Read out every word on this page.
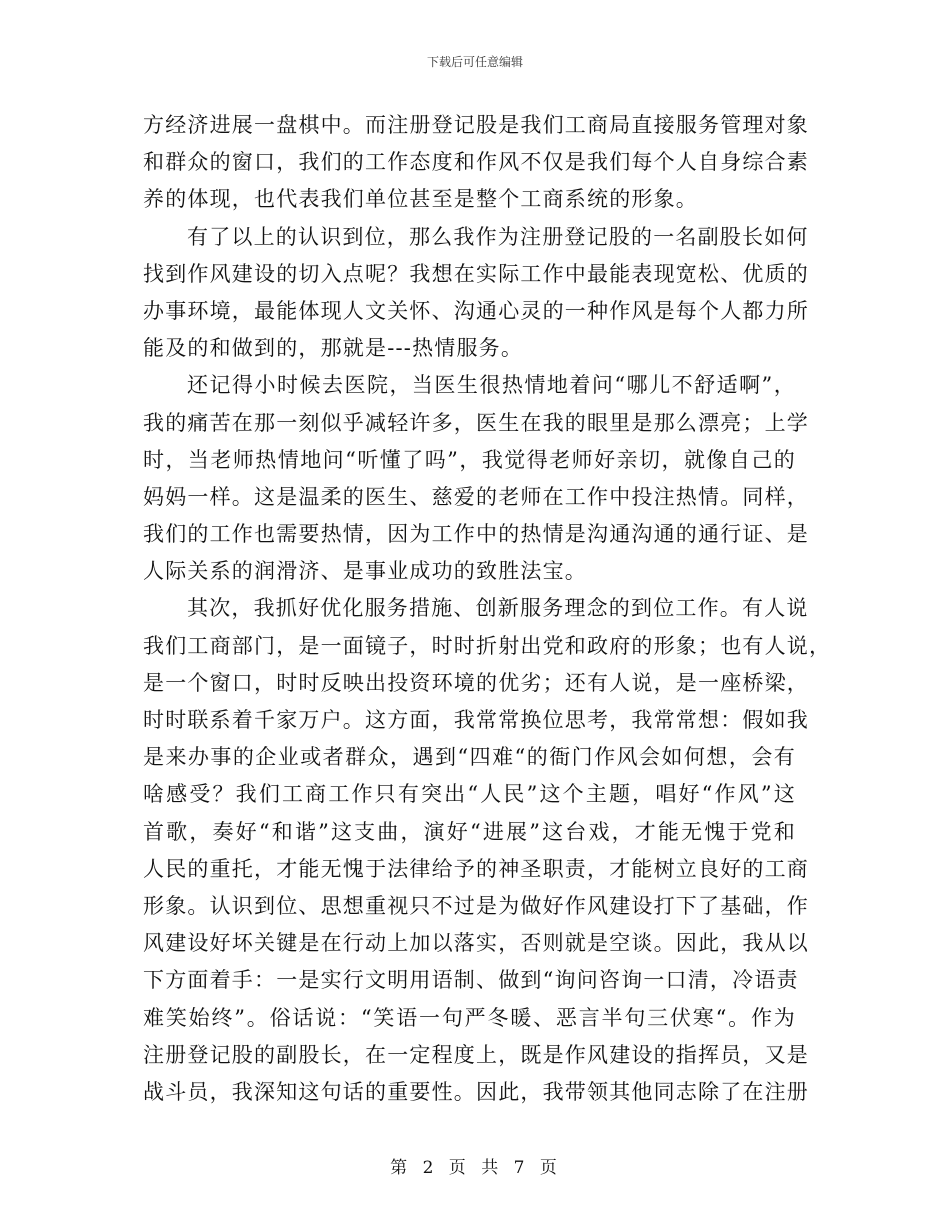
下载后可任意编辑
方经济进展一盘棋中。而注册登记股是我们工商局直接服务管理对象
和群众的窗口，我们的工作态度和作风不仅是我们每个人自身综合素
养的体现，也代表我们单位甚至是整个工商系统的形象。
有了以上的认识到位，那么我作为注册登记股的一名副股长如何
找到作风建设的切入点呢？我想在实际工作中最能表现宽松、优质的
办事环境，最能体现人文关怀、沟通心灵的一种作风是每个人都力所
能及的和做到的，那就是---热情服务。
还记得小时候去医院，当医生很热情地着问“哪儿不舒适啊”，
我的痛苦在那一刻似乎减轻许多，医生在我的眼里是那么漂亮；上学
时，当老师热情地问“听懂了吗”，我觉得老师好亲切，就像自己的
妈妈一样。这是温柔的医生、慈爱的老师在工作中投注热情。同样，
我们的工作也需要热情，因为工作中的热情是沟通沟通的通行证、是
人际关系的润滑济、是事业成功的致胜法宝。
其次，我抓好优化服务措施、创新服务理念的到位工作。有人说
我们工商部门，是一面镜子，时时折射出党和政府的形象；也有人说，
是一个窗口，时时反映出投资环境的优劣；还有人说，是一座桥梁，
时时联系着千家万户。这方面，我常常换位思考，我常常想：假如我
是来办事的企业或者群众，遇到“四难“的衙门作风会如何想，会有
啥感受？我们工商工作只有突出“人民”这个主题，唱好“作风”这
首歌，奏好“和谐”这支曲，演好“进展”这台戏，才能无愧于党和
人民的重托，才能无愧于法律给予的神圣职责，才能树立良好的工商
形象。认识到位、思想重视只不过是为做好作风建设打下了基础，作
风建设好坏关键是在行动上加以落实，否则就是空谈。因此，我从以
下方面着手：一是实行文明用语制、做到“询问咨询一口清，冷语责
难笑始终”。俗话说：“笑语一句严冬暖、恶言半句三伏寒“。作为
注册登记股的副股长，在一定程度上，既是作风建设的指挥员，又是
战斗员，我深知这句话的重要性。因此，我带领其他同志除了在注册
第 2 页 共 7 页
